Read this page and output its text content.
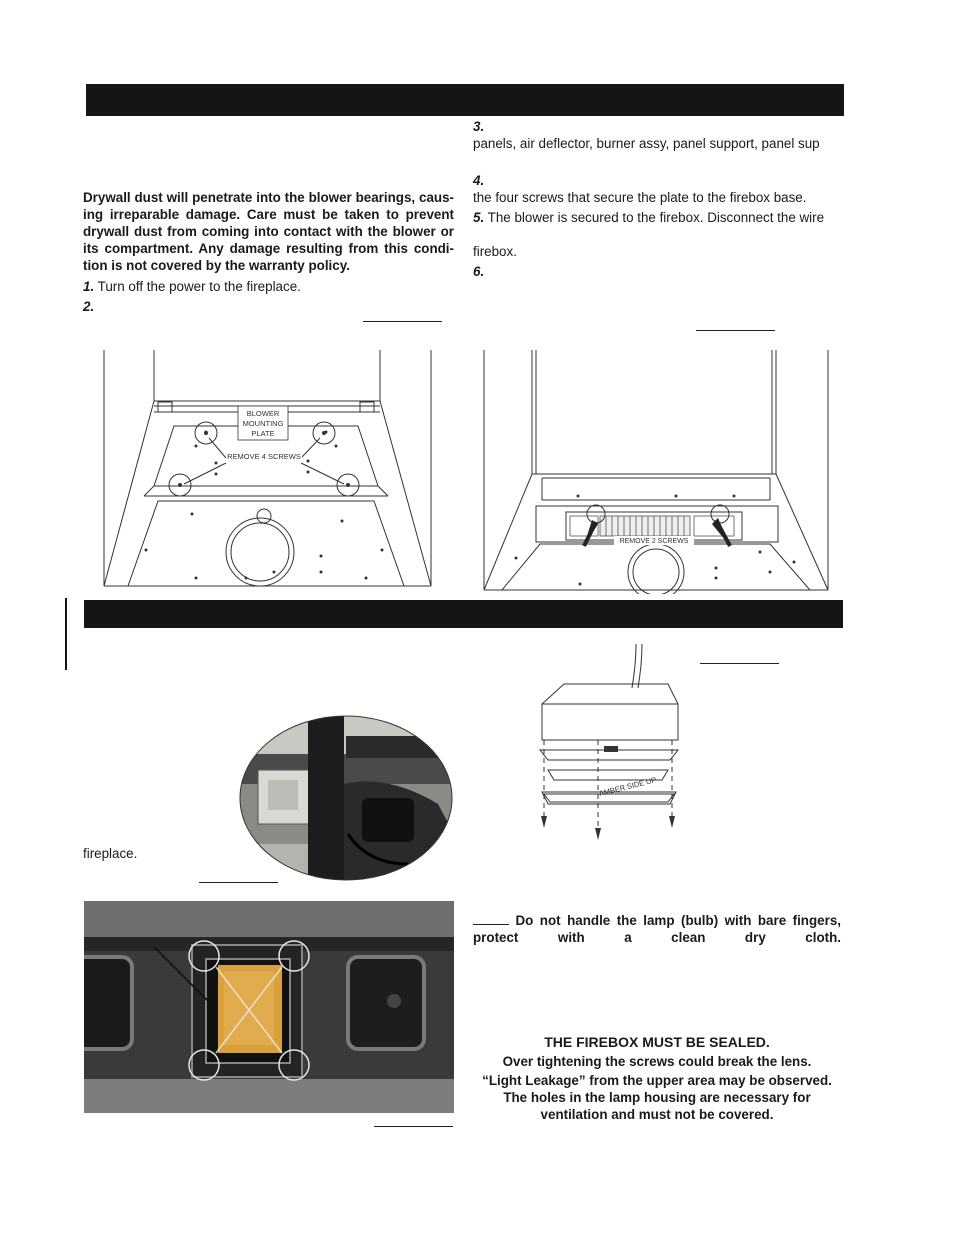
Drywall dust will penetrate into the blower bearings, caus-
ing irreparable damage. Care must be taken to prevent
drywall dust from coming into contact with the blower or
its compartment. Any damage resulting from this condi-
tion is not covered by the warranty policy.
1. Turn off the power to the fireplace.
2.
3.
panels, air deflector, burner assy, panel support, panel sup
4.
the four screws that secure the plate to the firebox base.
5. The blower is secured to the firebox. Disconnect the wire
firebox.
6.
BLOWER
MOUNTING
PLATE
REMOVE 4 SCREWS
REMOVE 2 SCREWS
fireplace.
AMBER SIDE UP
Do not handle the lamp (bulb) with bare fingers, protect with a clean dry cloth.
THE FIREBOX MUST BE SEALED.
Over tightening the screws could break the lens.
“Light Leakage” from the upper area may be observed.
The holes in the lamp housing are necessary for
ventilation and must not be covered.
